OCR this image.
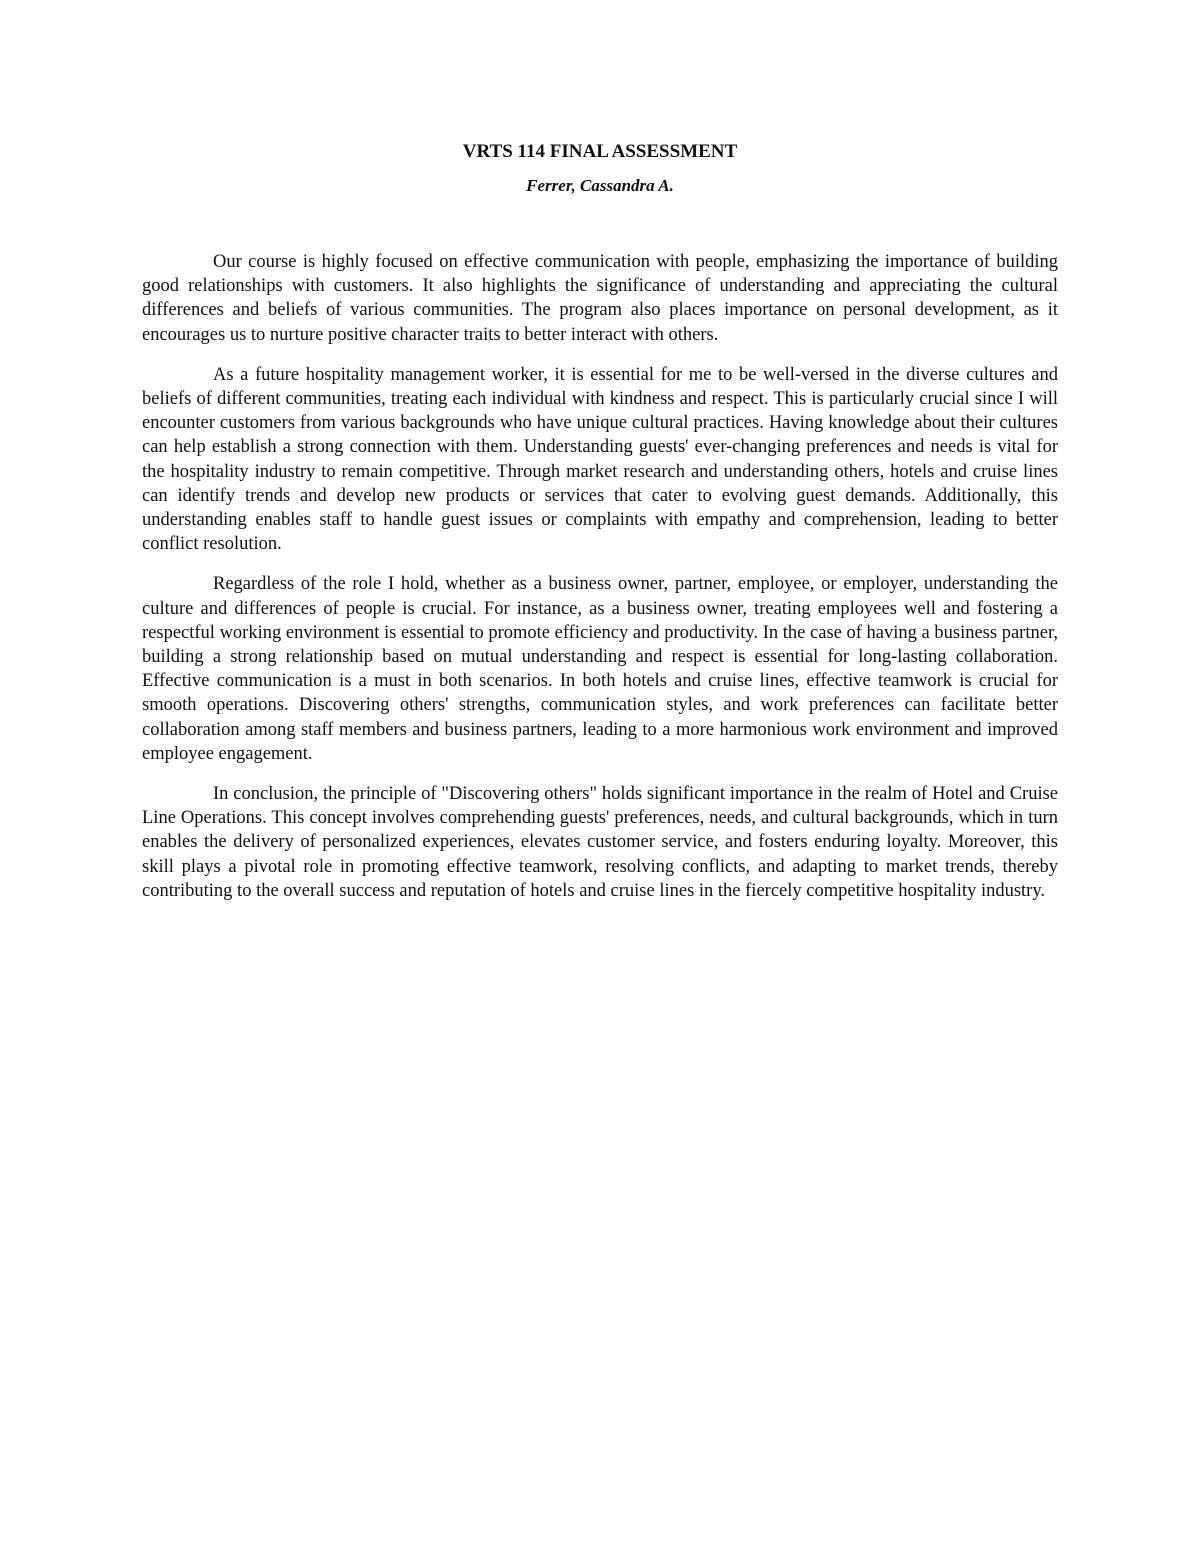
VRTS 114 FINAL ASSESSMENT

Ferrer, Cassandra A.

Our course is highly focused on effective communication with people, emphasizing the importance of building good relationships with customers. It also highlights the significance of understanding and appreciating the cultural differences and beliefs of various communities. The program also places importance on personal development, as it encourages us to nurture positive character traits to better interact with others.

As a future hospitality management worker, it is essential for me to be well-versed in the diverse cultures and beliefs of different communities, treating each individual with kindness and respect. This is particularly crucial since I will encounter customers from various backgrounds who have unique cultural practices. Having knowledge about their cultures can help establish a strong connection with them. Understanding guests' ever-changing preferences and needs is vital for the hospitality industry to remain competitive. Through market research and understanding others, hotels and cruise lines can identify trends and develop new products or services that cater to evolving guest demands. Additionally, this understanding enables staff to handle guest issues or complaints with empathy and comprehension, leading to better conflict resolution.

Regardless of the role I hold, whether as a business owner, partner, employee, or employer, understanding the culture and differences of people is crucial. For instance, as a business owner, treating employees well and fostering a respectful working environment is essential to promote efficiency and productivity. In the case of having a business partner, building a strong relationship based on mutual understanding and respect is essential for long-lasting collaboration. Effective communication is a must in both scenarios. In both hotels and cruise lines, effective teamwork is crucial for smooth operations. Discovering others' strengths, communication styles, and work preferences can facilitate better collaboration among staff members and business partners, leading to a more harmonious work environment and improved employee engagement.

In conclusion, the principle of "Discovering others" holds significant importance in the realm of Hotel and Cruise Line Operations. This concept involves comprehending guests' preferences, needs, and cultural backgrounds, which in turn enables the delivery of personalized experiences, elevates customer service, and fosters enduring loyalty. Moreover, this skill plays a pivotal role in promoting effective teamwork, resolving conflicts, and adapting to market trends, thereby contributing to the overall success and reputation of hotels and cruise lines in the fiercely competitive hospitality industry.
